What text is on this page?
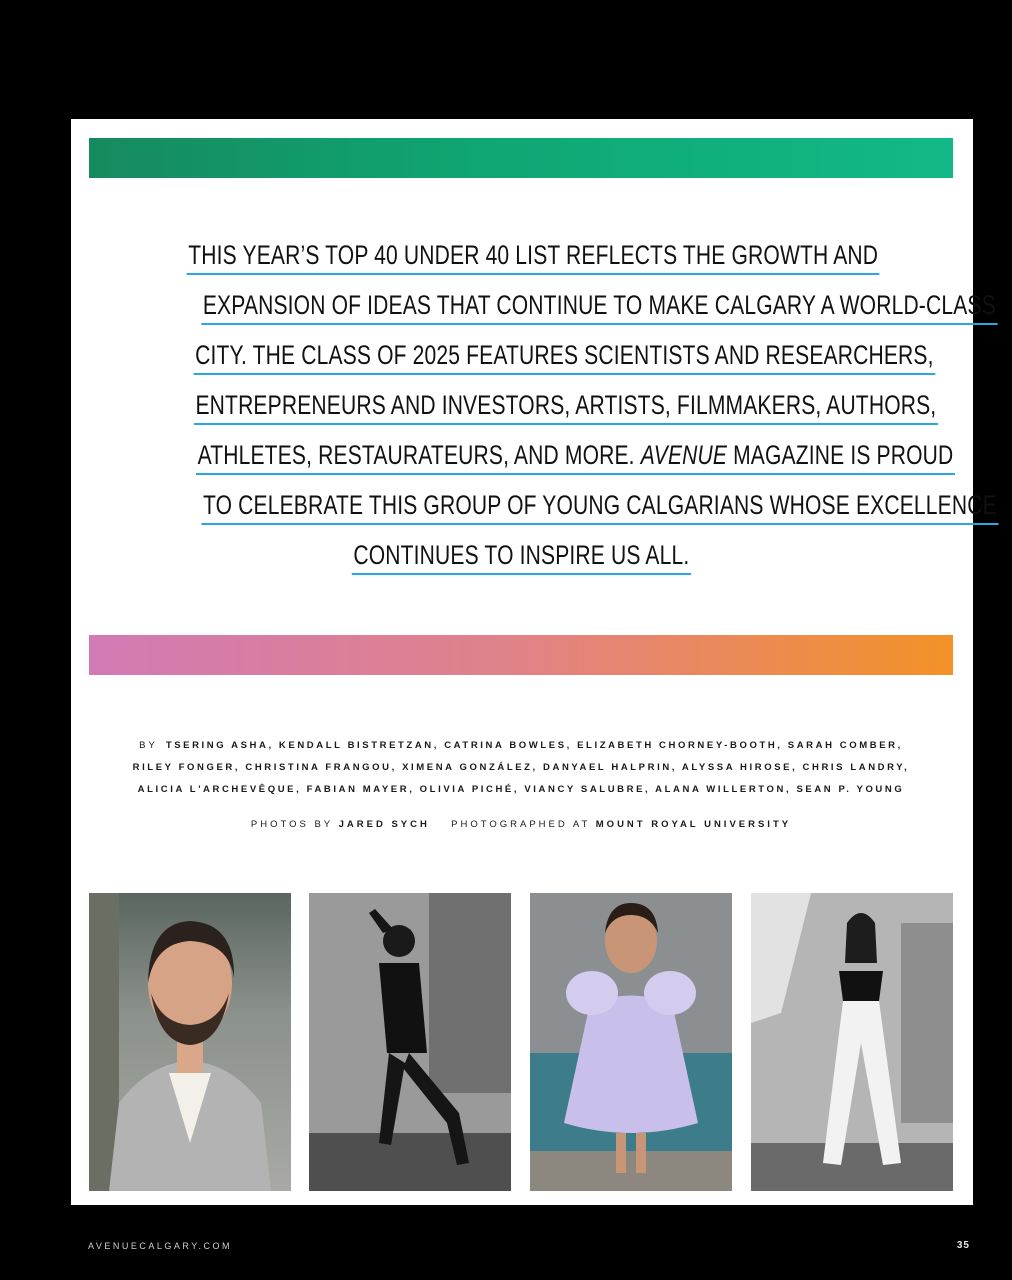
THIS YEAR’S TOP 40 UNDER 40 LIST REFLECTS THE GROWTH AND
EXPANSION OF IDEAS THAT CONTINUE TO MAKE CALGARY A WORLD-CLASS
CITY. THE CLASS OF 2025 FEATURES SCIENTISTS AND RESEARCHERS,
ENTREPRENEURS AND INVESTORS, ARTISTS, FILMMAKERS, AUTHORS,
ATHLETES, RESTAURATEURS, AND MORE. AVENUE MAGAZINE IS PROUD
TO CELEBRATE THIS GROUP OF YOUNG CALGARIANS WHOSE EXCELLENCE
CONTINUES TO INSPIRE US ALL.
BY TSERING ASHA, KENDALL BISTRETZAN, CATRINA BOWLES, ELIZABETH CHORNEY-BOOTH, SARAH COMBER,
RILEY FONGER, CHRISTINA FRANGOU, XIMENA GONZÁLEZ, DANYAEL HALPRIN, ALYSSA HIROSE, CHRIS LANDRY,
ALICIA L'ARCHEVÊQUE, FABIAN MAYER, OLIVIA PICHÉ, VIANCY SALUBRE, ALANA WILLERTON, SEAN P. YOUNG
PHOTOS BY JARED SYCH PHOTOGRAPHED AT MOUNT ROYAL UNIVERSITY
AVENUECALGARY.COM	35
